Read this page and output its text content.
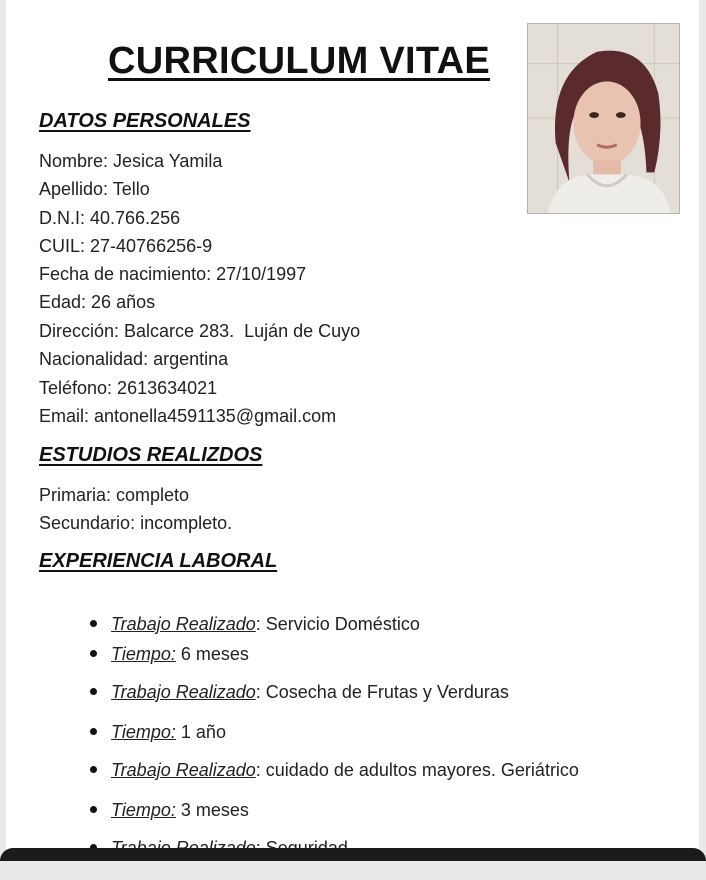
CURRICULUM VITAE
DATOS PERSONALES
Nombre: Jesica Yamila
Apellido: Tello
D.N.I: 40.766.256
CUIL: 27-40766256-9
Fecha de nacimiento: 27/10/1997
Edad: 26 años
Dirección: Balcarce 283.  Luján de Cuyo
Nacionalidad: argentina
Teléfono: 2613634021
Email: antonella4591135@gmail.com
ESTUDIOS REALIZDOS
Primaria: completo
Secundario: incompleto.
EXPERIENCIA LABORAL

Trabajo Realizado: Servicio Doméstico

Tiempo: 6 meses

Trabajo Realizado: Cosecha de Frutas y Verduras

Tiempo: 1 año

Trabajo Realizado: cuidado de adultos mayores. Geriátrico

Tiempo: 3 meses
